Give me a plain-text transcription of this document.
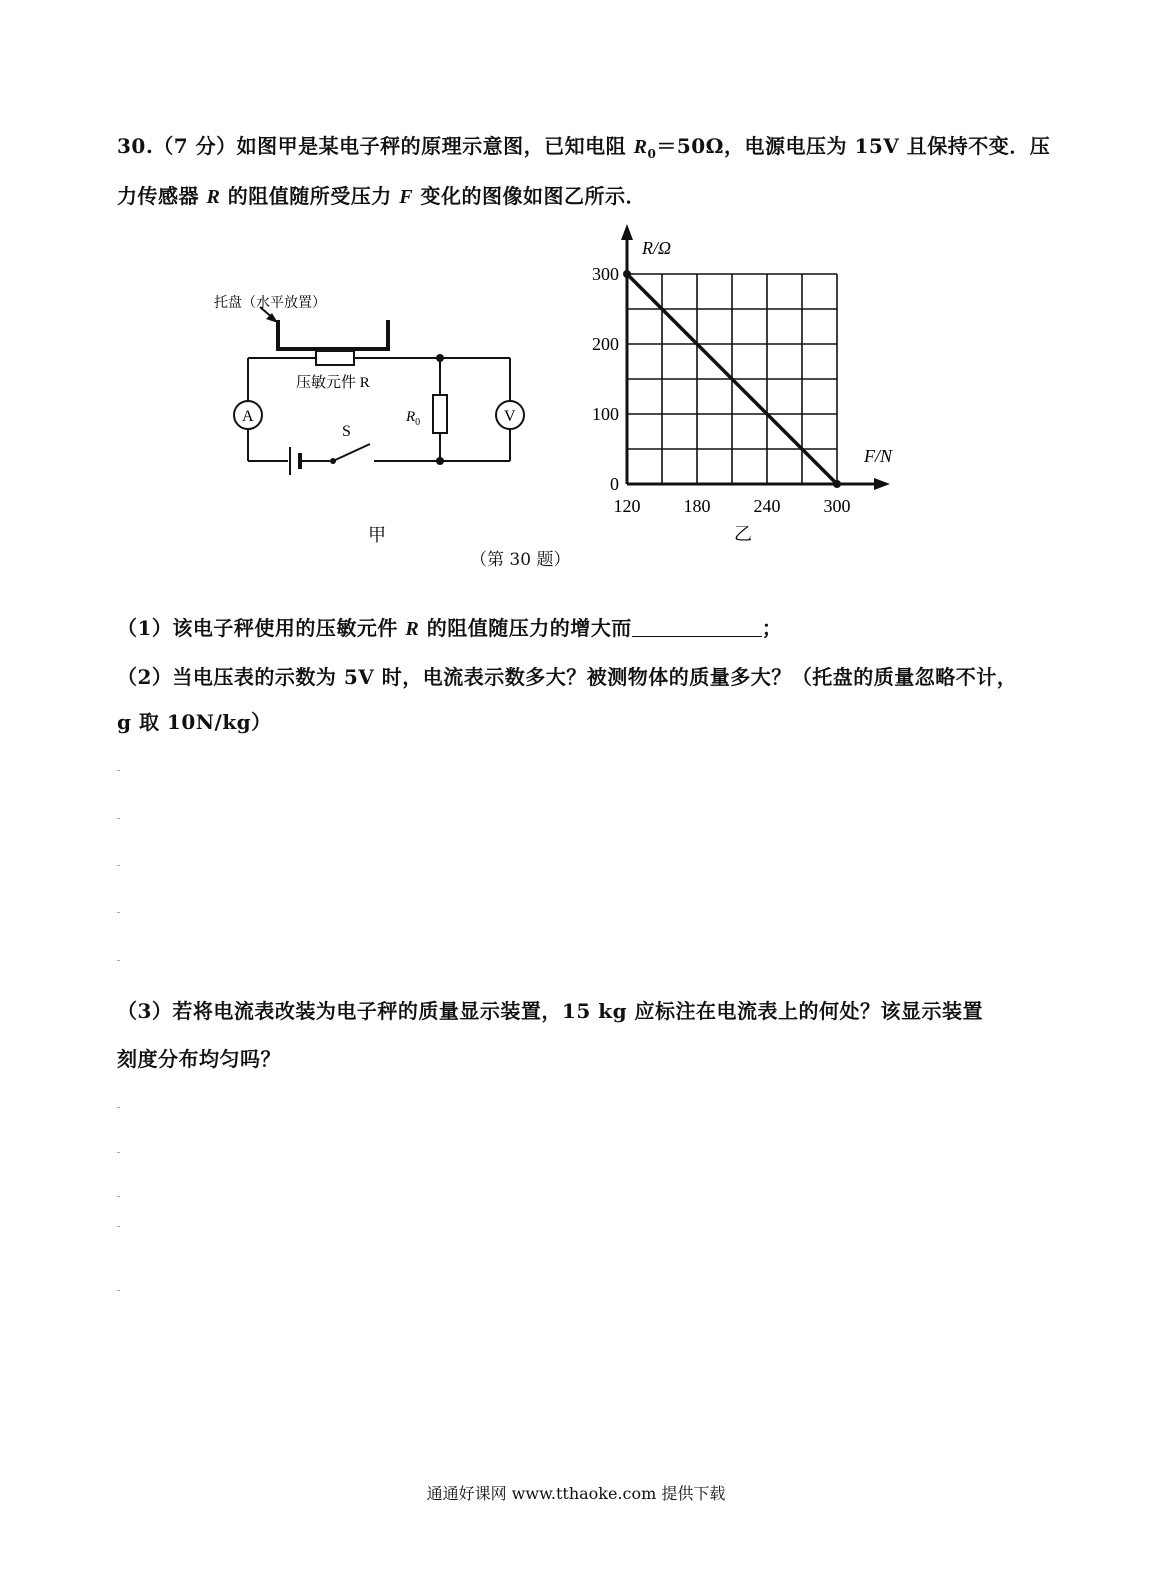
30.（7 分）如图甲是某电子秤的原理示意图，已知电阻 $R_0=50\Omega$，电源电压为 15V 且保持不变．压
力传感器 R 的阻值随所受压力 F 变化的图像如图乙所示．
托盘（水平放置）
压敏元件 R
A
S
$R_0$	V
甲
0
100
200
300
120 180 240 300
R/Ω
F/N
乙
（第 30 题）
（1）该电子秤使用的压敏元件 R 的阻值随压力的增大而	；
（2）当电压表的示数为 5V 时，电流表示数多大？被测物体的质量多大？（托盘的质量忽略不计，
g 取 10N/kg）
（3）若将电流表改装为电子秤的质量显示装置，15 kg 应标注在电流表上的何处？该显示装置
刻度分布均匀吗？
通通好课网 www.tthaoke.com 提供下载
